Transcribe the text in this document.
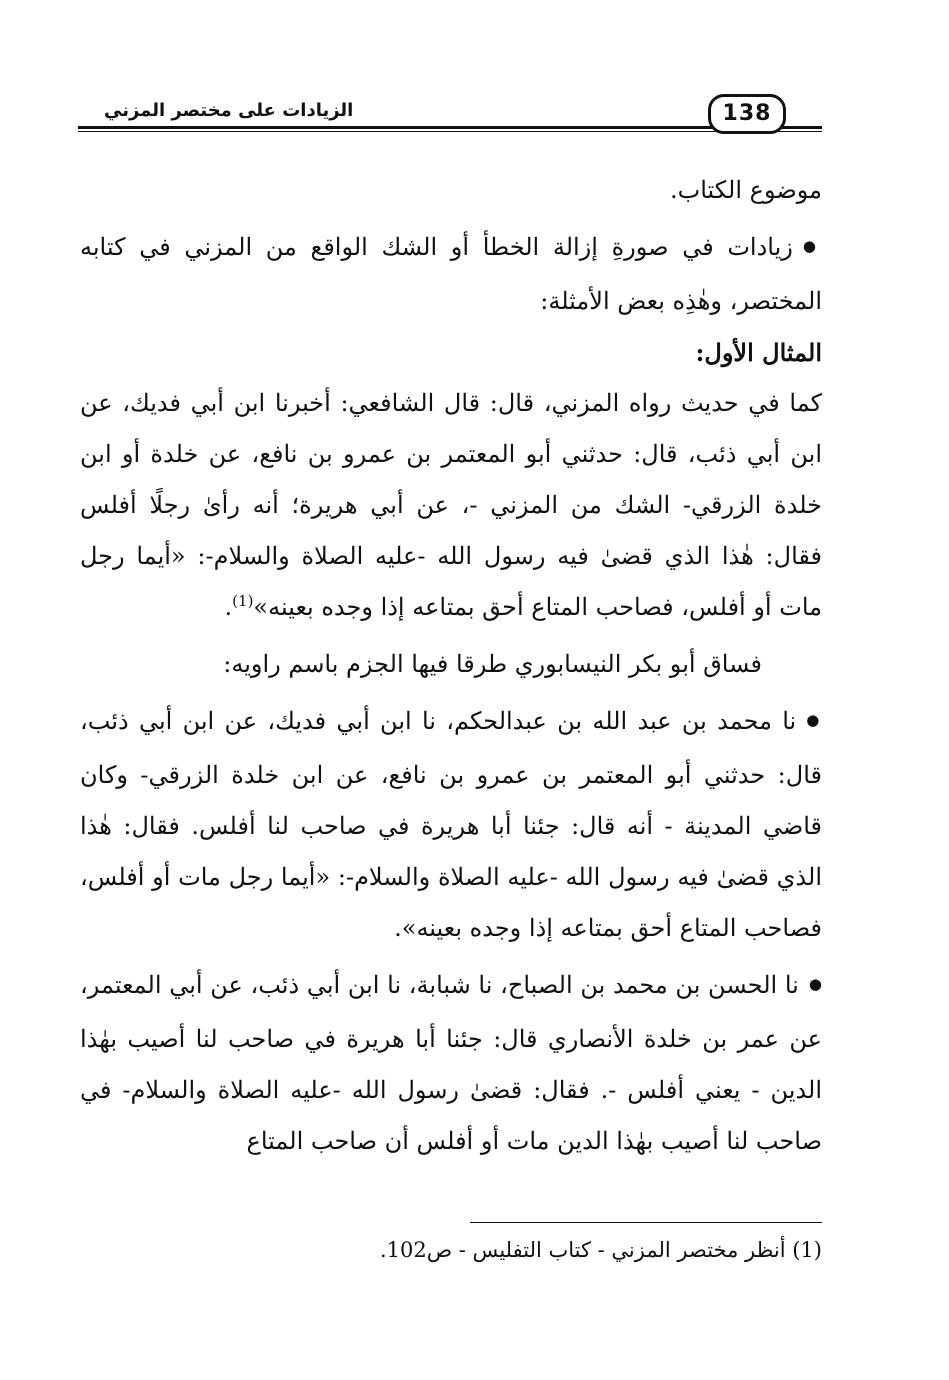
الزيادات على مختصر المزني	138

موضوع الكتاب.

● زيادات في صورةِ إزالة الخطأ أو الشك الواقع من المزني في كتابه المختصر، وهٰذِه بعض الأمثلة:

المثال الأول:

كما في حديث رواه المزني، قال: قال الشافعي: أخبرنا ابن أبي فديك، عن ابن أبي ذئب، قال: حدثني أبو المعتمر بن عمرو بن نافع، عن خلدة أو ابن خلدة الزرقي- الشك من المزني -، عن أبي هريرة؛ أنه رأىٰ رجلًا أفلس فقال: هٰذا الذي قضىٰ فيه رسول الله -عليه الصلاة والسلام-: «أيما رجل مات أو أفلس، فصاحب المتاع أحق بمتاعه إذا وجده بعينه»$^{(1)}$.

فساق أبو بكر النيسابوري طرقا فيها الجزم باسم راويه:

● نا محمد بن عبد الله بن عبدالحكم، نا ابن أبي فديك، عن ابن أبي ذئب، قال: حدثني أبو المعتمر بن عمرو بن نافع، عن ابن خلدة الزرقي- وكان قاضي المدينة - أنه قال: جئنا أبا هريرة في صاحب لنا أفلس. فقال: هٰذا الذي قضىٰ فيه رسول الله -عليه الصلاة والسلام-: «أيما رجل مات أو أفلس، فصاحب المتاع أحق بمتاعه إذا وجده بعينه».

● نا الحسن بن محمد بن الصباح، نا شبابة، نا ابن أبي ذئب، عن أبي المعتمر، عن عمر بن خلدة الأنصاري قال: جئنا أبا هريرة في صاحب لنا أصيب بهٰذا الدين - يعني أفلس -. فقال: قضىٰ رسول الله -عليه الصلاة والسلام- في صاحب لنا أصيب بهٰذا الدين مات أو أفلس أن صاحب المتاع

(1) أنظر مختصر المزني - كتاب التفليس - ص102.
